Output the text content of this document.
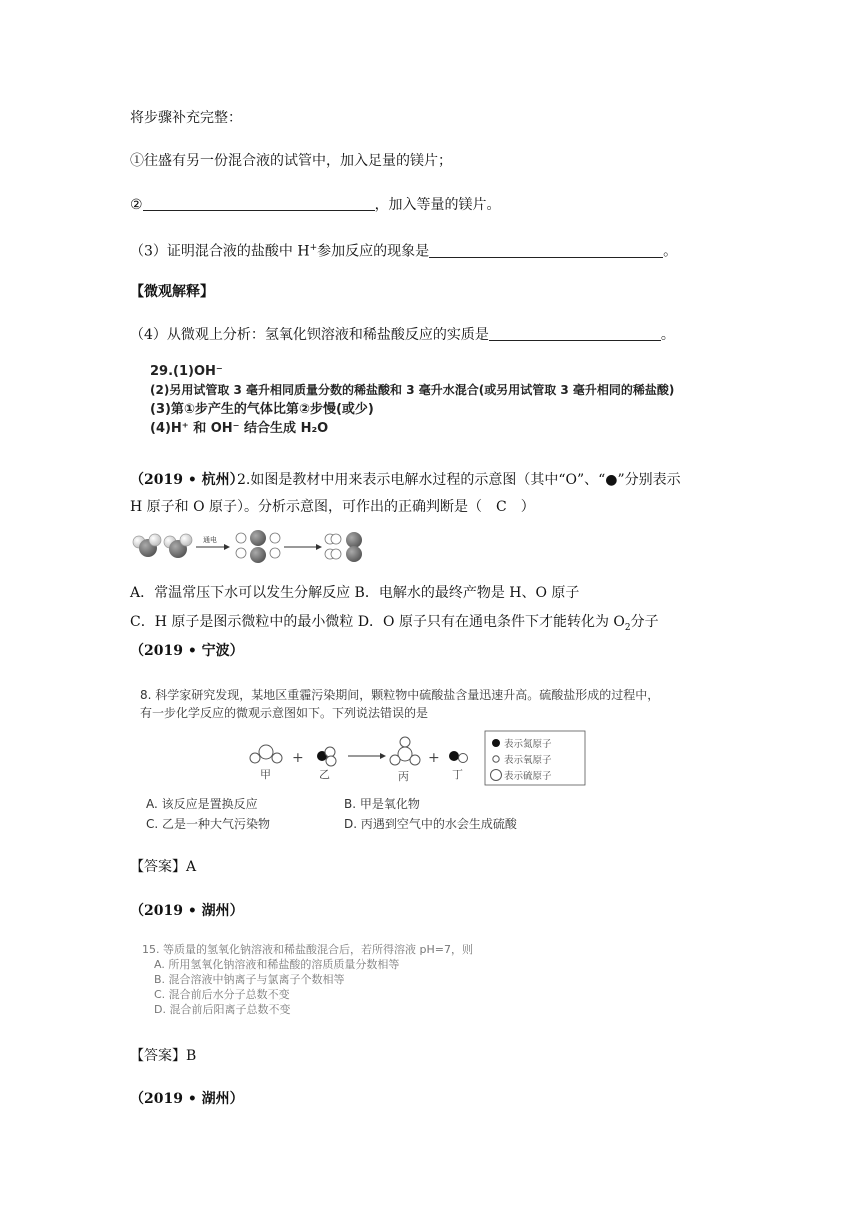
将步骤补充完整：
①往盛有另一份混合液的试管中，加入足量的镁片；
②	，加入等量的镁片。
（3）证明混合液的盐酸中 H+参加反应的现象是	。
【微观解释】
（4）从微观上分析：氢氧化钡溶液和稀盐酸反应的实质是	。
29.(1)OH⁻
(2)另用试管取 3 毫升相同质量分数的稀盐酸和 3 毫升水混合(或另用试管取 3 毫升相同的稀盐酸)
(3)第①步产生的气体比第②步慢(或少)
(4)H⁺ 和 OH⁻ 结合生成 H₂O
（2019 • 杭州）
2.如图是教材中用来表示电解水过程的示意图（其中“O”、“●”分别表示
H 原子和 O 原子）。分析示意图，可作出的正确判断是（　C　）
通电
A．常温常压下水可以发生分解反应 B．电解水的最终产物是 H、O 原子
C．H 原子是图示微粒中的最小微粒 D．O 原子只有在通电条件下才能转化为 $O_2$分子
（2019 • 宁波）
8. 科学家研究发现，某地区重霾污染期间，颗粒物中硫酸盐含量迅速升高。硫酸盐形成的过程中，
有一步化学反应的微观示意图如下。下列说法错误的是
甲
+
乙	丙
+
丁
表示氮原子
表示氧原子
表示硫原子
A. 该反应是置换反应	B. 甲是氧化物
C. 乙是一种大气污染物	D. 丙遇到空气中的水会生成硫酸
【答案】A
（2019 • 湖州）
15. 等质量的氢氧化钠溶液和稀盐酸混合后，若所得溶液 pH=7，则
A. 所用氢氧化钠溶液和稀盐酸的溶质质量分数相等
B. 混合溶液中钠离子与氯离子个数相等
C. 混合前后水分子总数不变
D. 混合前后阳离子总数不变
【答案】B
（2019 • 湖州）
